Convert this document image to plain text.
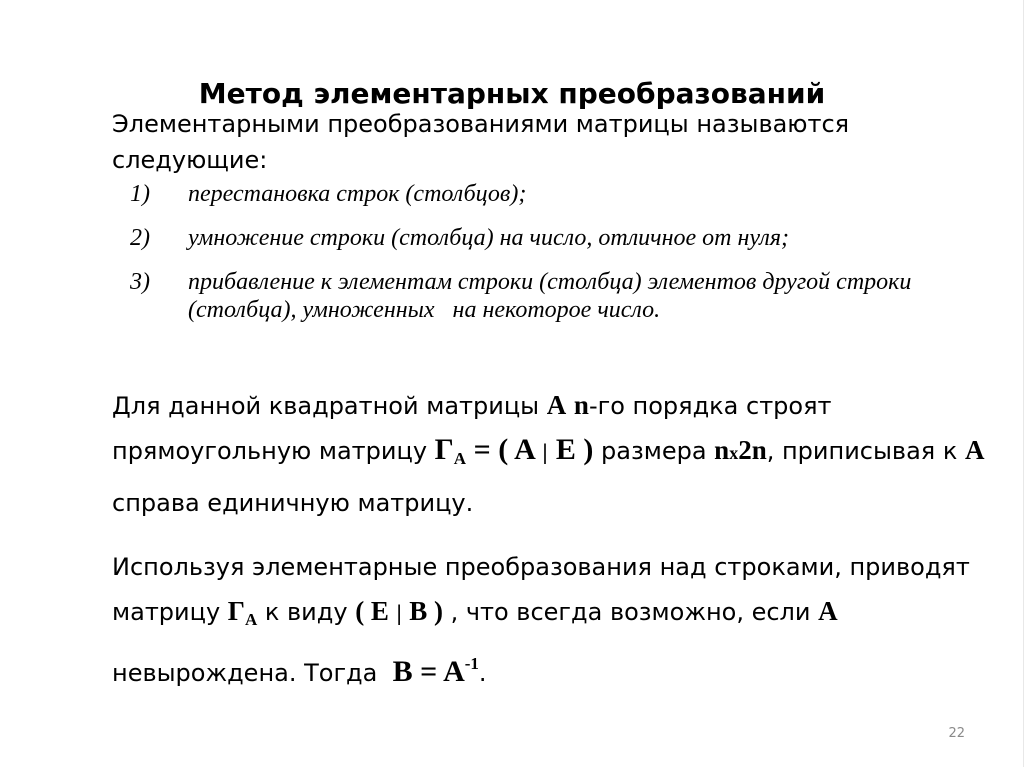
Метод элементарных преобразований

Элементарными преобразованиями матрицы называются следующие:

1) перестановка строк (столбцов);
2) умножение строки (столбца) на число, отличное от нуля;
3) прибавление к элементам строки (столбца) элементов другой строки (столбца), умноженных   на некоторое число.

Для данной квадратной матрицы A n-го порядка строят прямоугольную матрицу $Г_A$ = ( A | E ) размера nx2n, приписывая к A справа единичную матрицу.

Используя элементарные преобразования над строками, приводят матрицу $Г_A$ к виду ( E | B ) , что всегда возможно, если A невырождена. Тогда  $B = A^{-1}$.

22
